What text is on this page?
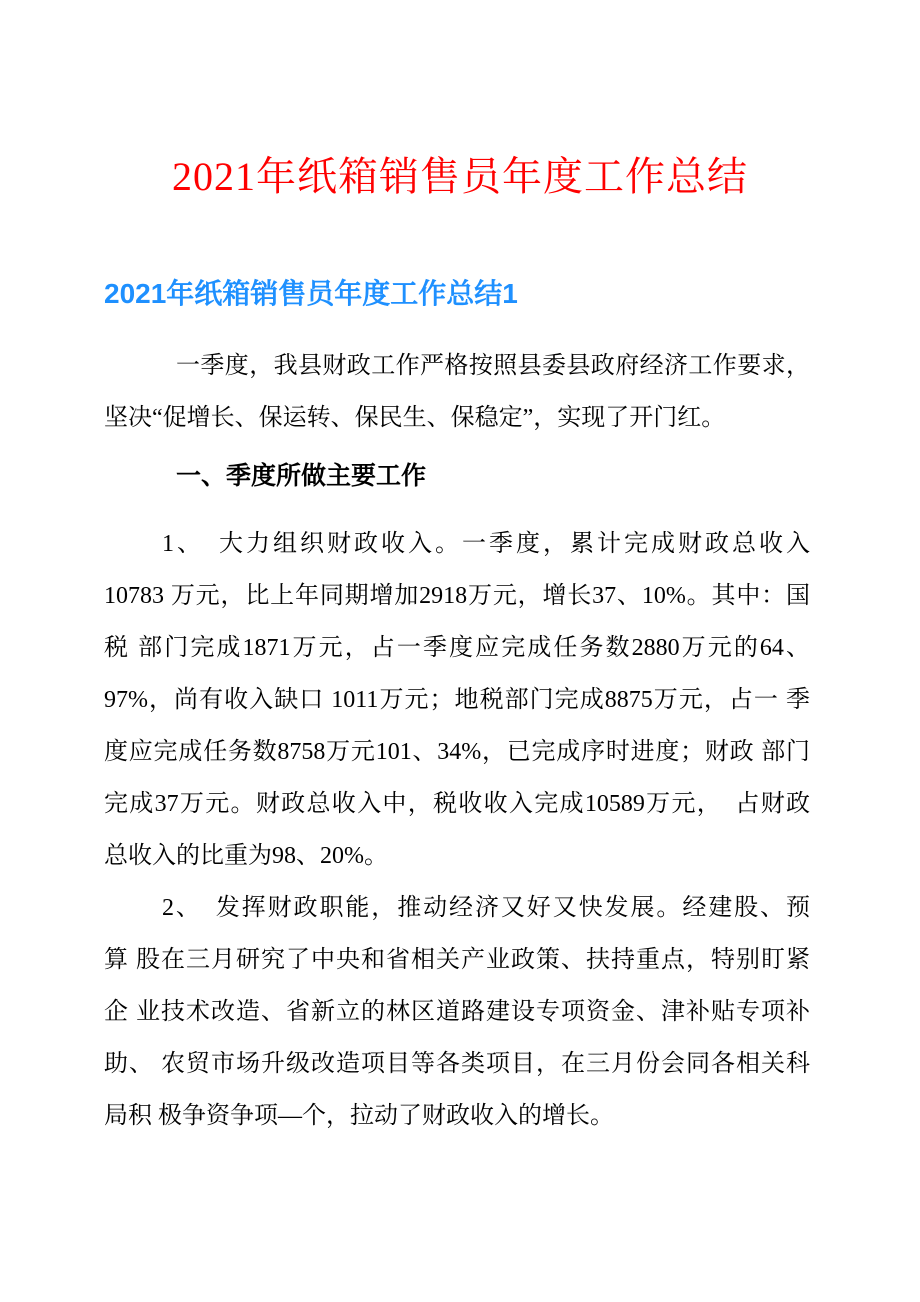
2021年纸箱销售员年度工作总结
2021年纸箱销售员年度工作总结1
一季度，我县财政工作严格按照县委县政府经济工作要求，
坚决“促增长、保运转、保民生、保稳定”，实现了开门红。
一、季度所做主要工作
1、　大力组织财政收入。一季度，累计完成财政总收入
10783 万元，比上年同期增加2918万元，增长37、10%。其中：国
税 部门完成1871万元，占一季度应完成任务数2880万元的64、
97%，尚有收入缺口 1011万元；地税部门完成8875万元，占一 季
度应完成任务数8758万元101、34%，已完成序时进度；财政 部门
完成37万元。财政总收入中，税收收入完成10589万元，　占财政
总收入的比重为98、20%。
2、　发挥财政职能，推动经济又好又快发展。经建股、预
算 股在三月研究了中央和省相关产业政策、扶持重点，特别盯紧
企 业技术改造、省新立的林区道路建设专项资金、津补贴专项补
助、 农贸市场升级改造项目等各类项目，在三月份会同各相关科
局积 极争资争项—个，拉动了财政收入的增长。
